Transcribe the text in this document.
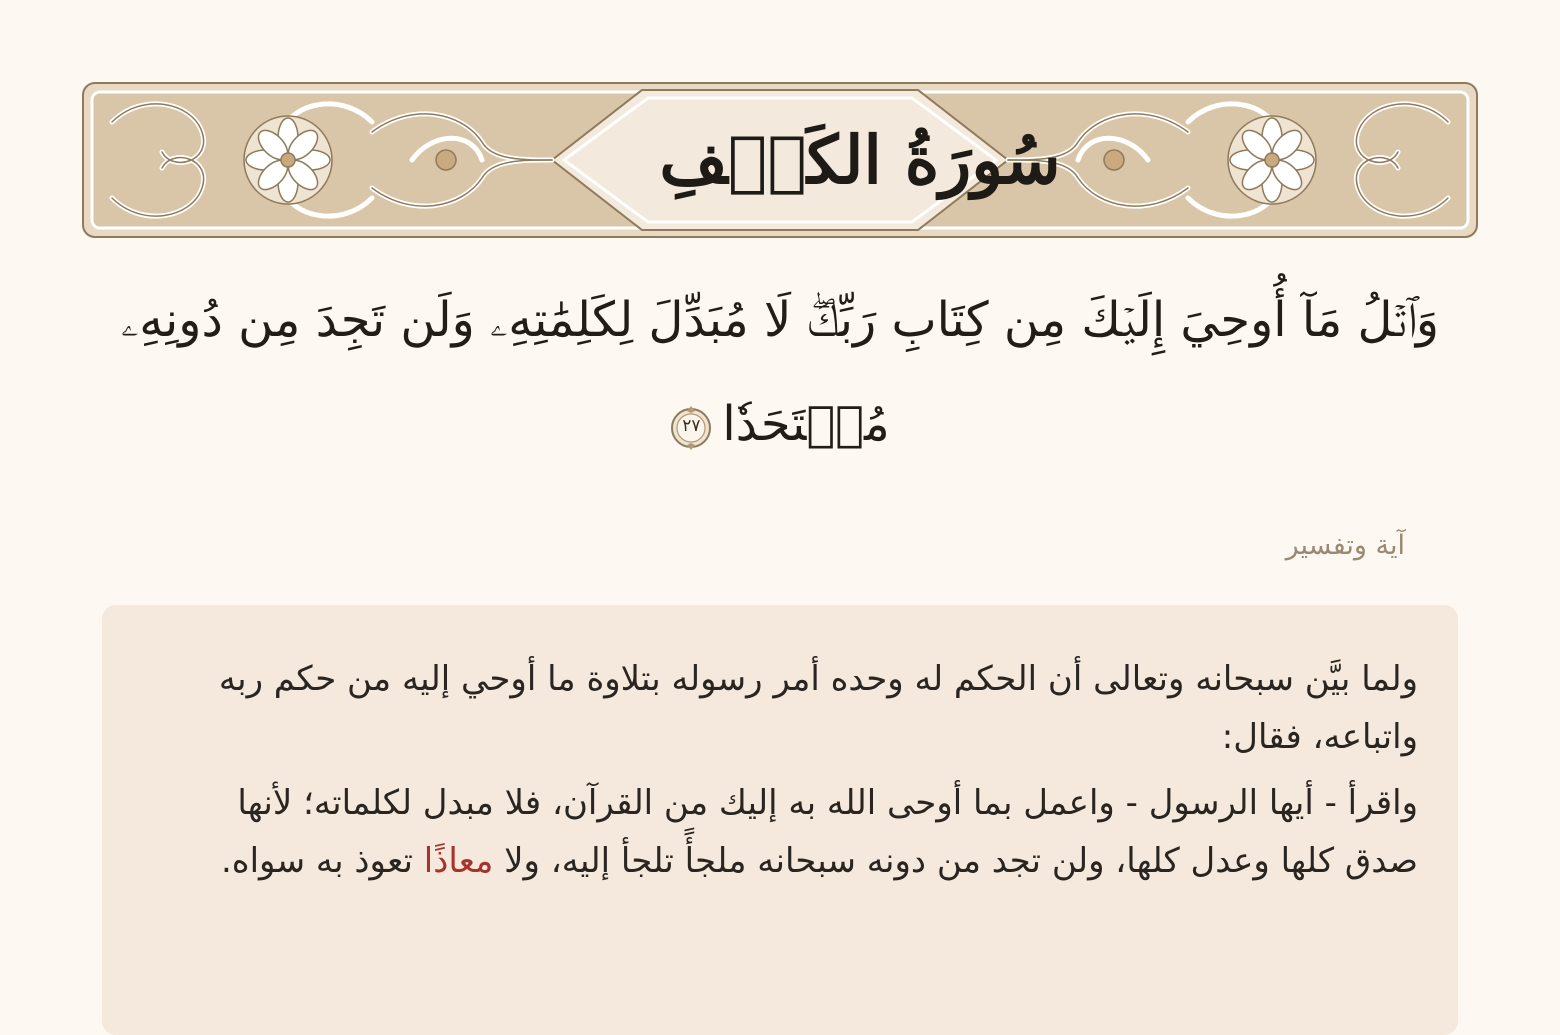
سُورَةُ الكَهۡفِ
وَٱتۡلُ مَآ أُوحِيَ إِلَيۡكَ مِن كِتَابِ رَبِّكَۖ لَا مُبَدِّلَ لِكَلِمَٰتِهِۦ وَلَن تَجِدَ مِن دُونِهِۦ
مُلۡتَحَدٗا
٢٧
آية وتفسير

ولما بيَّن سبحانه وتعالى أن الحكم له وحده أمر رسوله بتلاوة ما أوحي إليه من حكم ربه واتباعه، فقال:

واقرأ - أيها الرسول - واعمل بما أوحى الله به إليك من القرآن، فلا مبدل لكلماته؛ لأنها صدق كلها وعدل كلها، ولن تجد من دونه سبحانه ملجأً تلجأ إليه، ولا معاذًا تعوذ به سواه.
